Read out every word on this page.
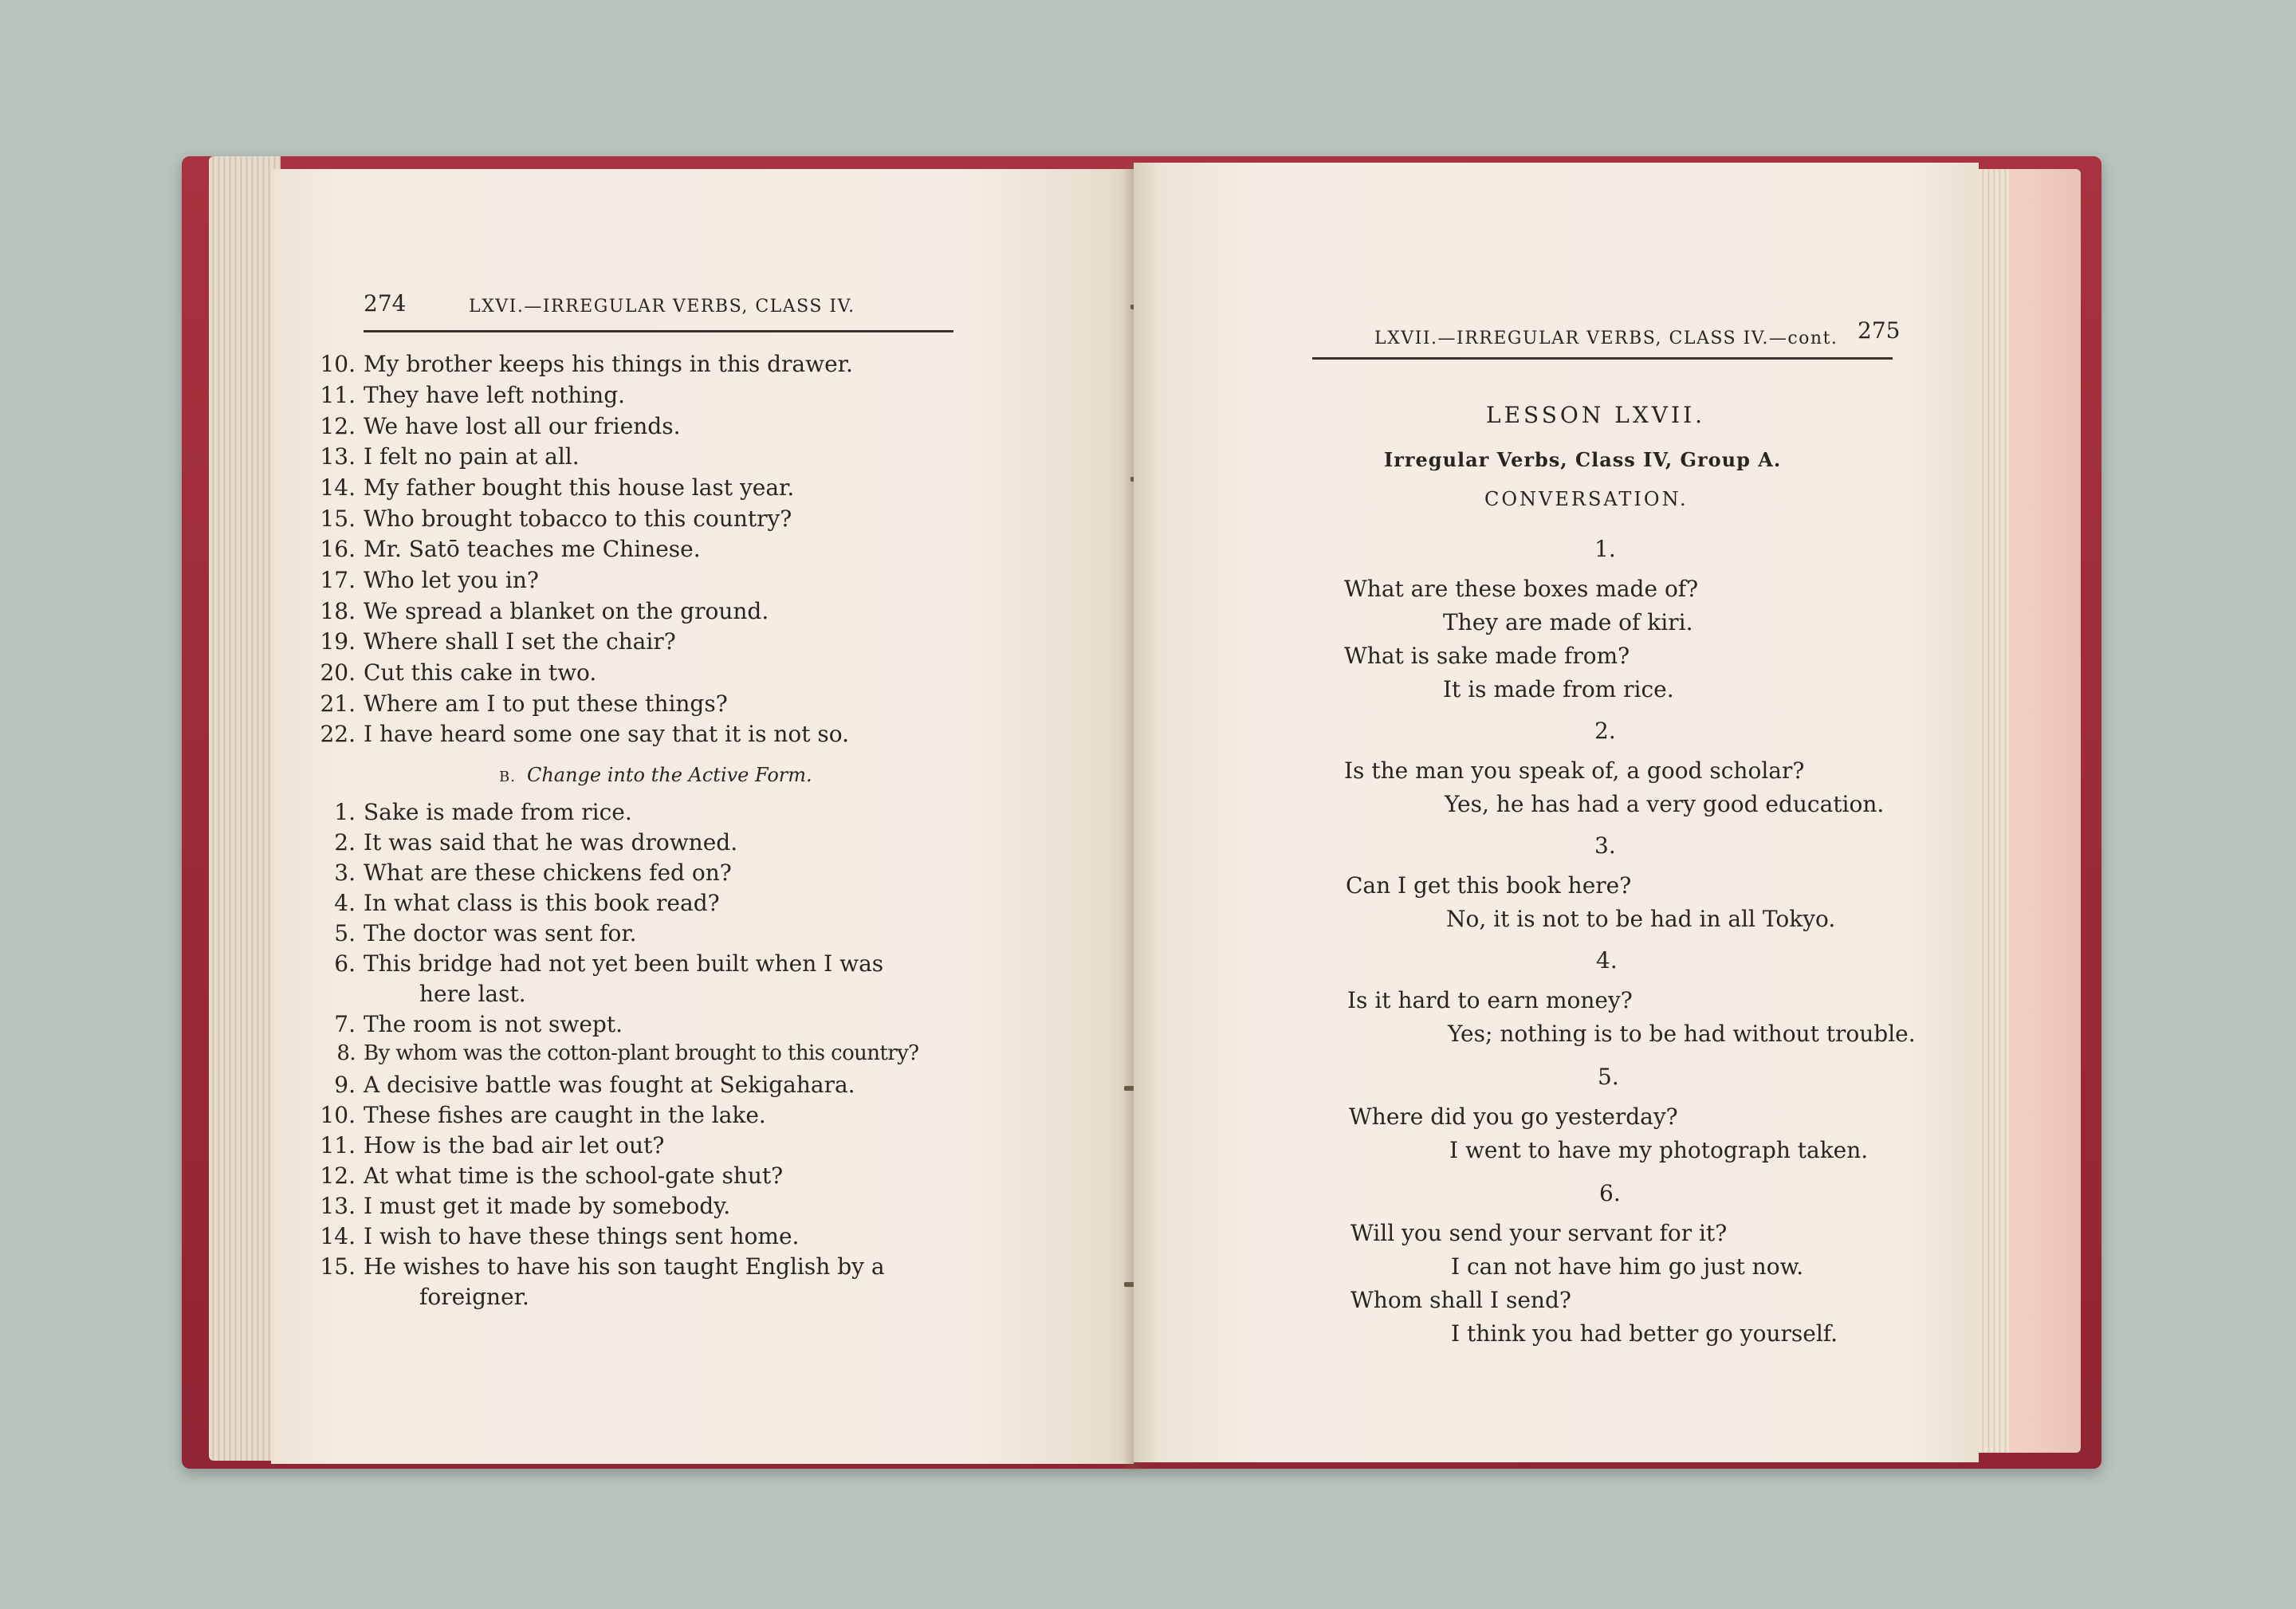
274	LXVI.—IRREGULAR VERBS, CLASS IV.
10. My brother keeps his things in this drawer.
11. They have left nothing.
12. We have lost all our friends.
13. I felt no pain at all.
14. My father bought this house last year.
15. Who brought tobacco to this country?
16. Mr. Satō teaches me Chinese.
17. Who let you in?
18. We spread a blanket on the ground.
19. Where shall I set the chair?
20. Cut this cake in two.
21. Where am I to put these things?
22. I have heard some one say that it is not so.
B. Change into the Active Form.
1. Sake is made from rice.
2. It was said that he was drowned.
3. What are these chickens fed on?
4. In what class is this book read?
5. The doctor was sent for.
6. This bridge had not yet been built when I was
7. The room is not swept.
8. By whom was the cotton-plant brought to this country?
9. A decisive battle was fought at Sekigahara.
10. These fishes are caught in the lake.
11. How is the bad air let out?
12. At what time is the school-gate shut?
13. I must get it made by somebody.
14. I wish to have these things sent home.
15. He wishes to have his son taught English by a
here last.
foreigner.
LXVII.—IRREGULAR VERBS, CLASS IV.—cont. 275
LESSON LXVII.
Irregular Verbs, Class IV, Group A.
CONVERSATION.
1.
What are these boxes made of?
They are made of kiri.
What is sake made from?
It is made from rice.
2.
Is the man you speak of, a good scholar?
Yes, he has had a very good education.
3.
Can I get this book here?
No, it is not to be had in all Tokyo.
4.
Is it hard to earn money?
Yes; nothing is to be had without trouble.
5.
Where did you go yesterday?
I went to have my photograph taken.
6.
Will you send your servant for it?
I can not have him go just now.
Whom shall I send?
I think you had better go yourself.
